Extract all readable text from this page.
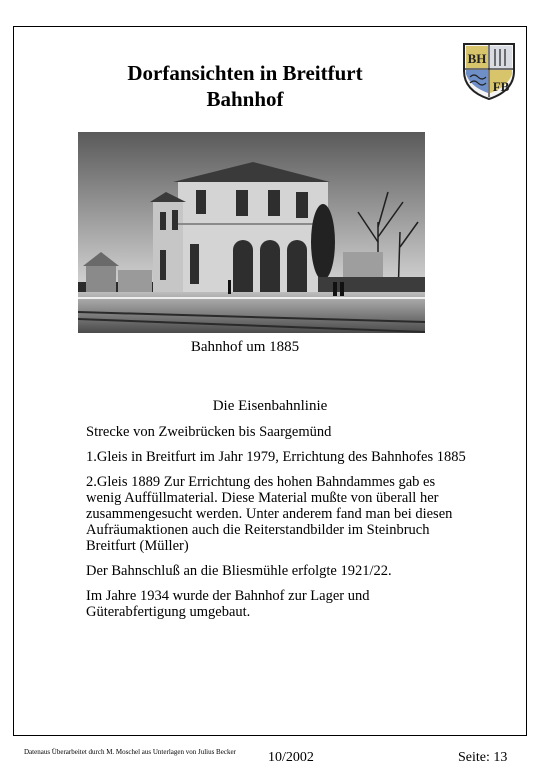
Dorfansichten in Breitfurt
Bahnhof
BH
FB

Bahnhof um 1885

Die Eisenbahnlinie

Strecke von Zweibrücken bis Saargemünd

1.Gleis in Breitfurt im Jahr 1979, Errichtung des Bahnhofes 1885

2.Gleis 1889 Zur Errichtung des hohen Bahndammes gab es wenig Auffüllmaterial. Diese Material mußte von überall her zusammengesucht werden. Unter anderem fand man bei diesen Aufräumaktionen auch die Reiterstandbilder im Steinbruch Breitfurt (Müller)

Der Bahnschluß an die Bliesmühle erfolgte 1921/22.

Im Jahre 1934 wurde der Bahnhof zur Lager und Güterabfertigung umgebaut.

Datenaus Überarbeitet durch M. Moschel aus Unterlagen von Julius Becker 10/2002	Seite: 13
